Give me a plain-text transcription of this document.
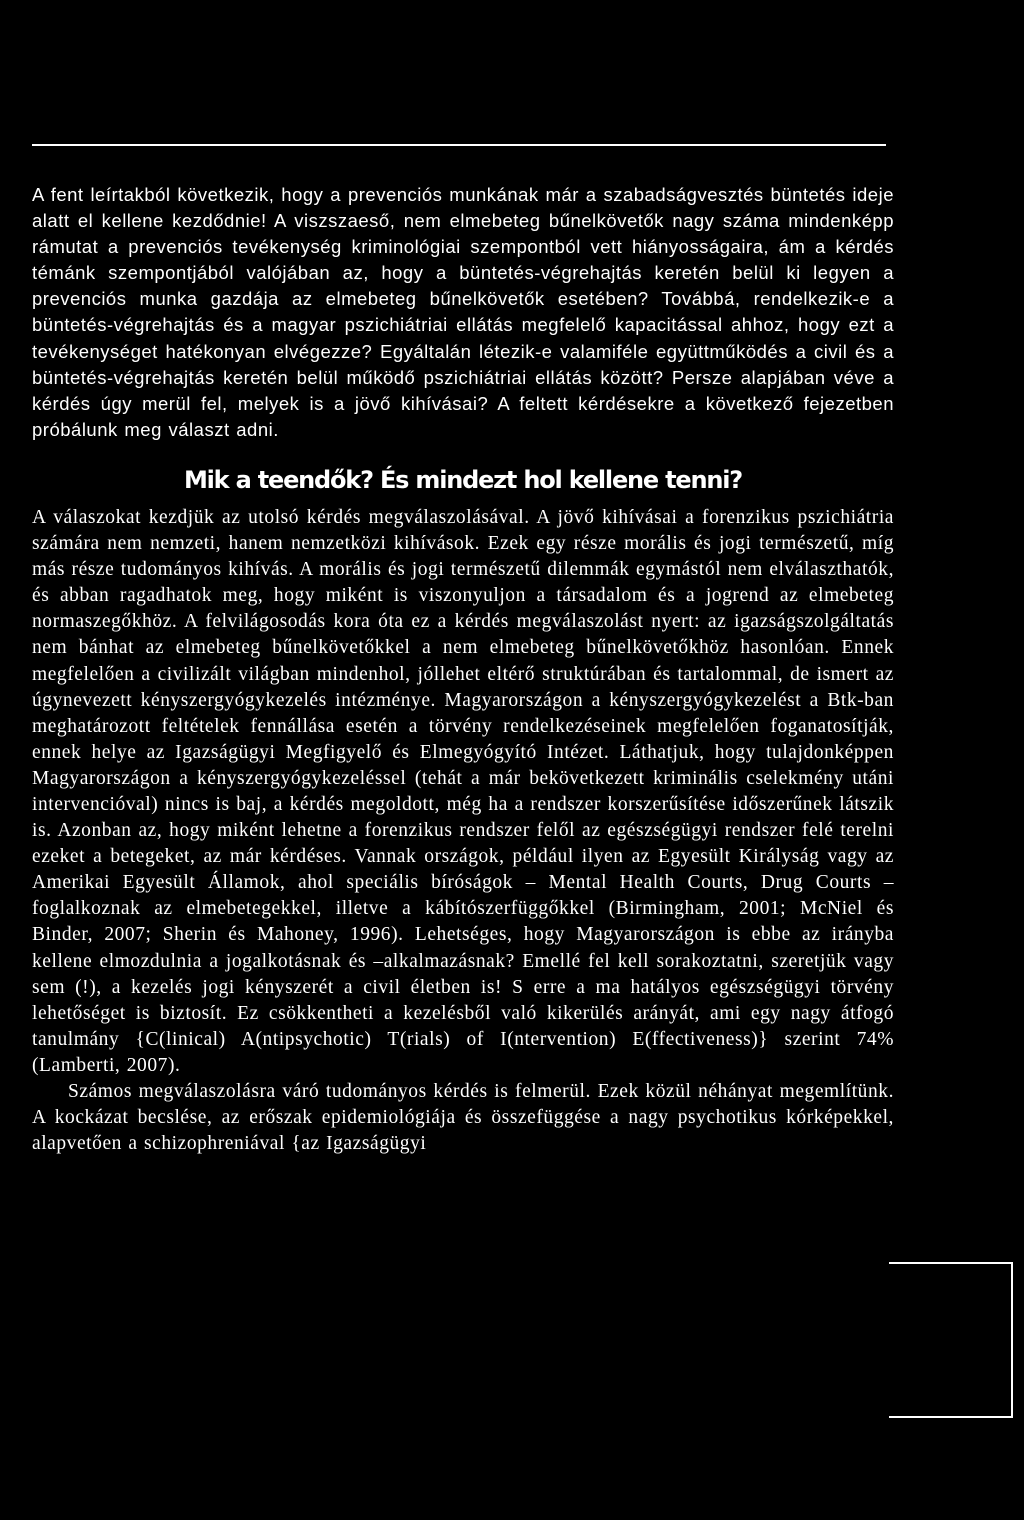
A fent leírtakból következik, hogy a prevenciós munkának már a szabadságvesztés büntetés ideje alatt el kellene kezdődnie! A viszszaeső, nem elmebeteg bűnelkövetők nagy száma mindenképp rámutat a prevenciós tevékenység kriminológiai szempontból vett hiányosságaira, ám a kérdés témánk szempontjából valójában az, hogy a büntetés-végrehajtás keretén belül ki legyen a prevenciós munka gazdája az elmebeteg bűnelkövetők esetében? Továbbá, rendelkezik-e a büntetés-végrehajtás és a magyar pszichiátriai ellátás megfelelő kapacitással ahhoz, hogy ezt a tevékenységet hatékonyan elvégezze? Egyáltalán létezik-e valamiféle együttműködés a civil és a büntetés-végrehajtás keretén belül működő pszichiátriai ellátás között? Persze alapjában véve a kérdés úgy merül fel, melyek is a jövő kihívásai? A feltett kérdésekre a következő fejezetben próbálunk meg választ adni.

Mik a teendők? És mindezt hol kellene tenni?

A válaszokat kezdjük az utolsó kérdés megválaszolásával. A jövő kihívásai a forenzikus pszichiátria számára nem nemzeti, hanem nemzetközi kihívások. Ezek egy része morális és jogi természetű, míg más része tudományos kihívás. A morális és jogi természetű dilemmák egymástól nem elválaszthatók, és abban ragadhatok meg, hogy miként is viszonyuljon a társadalom és a jogrend az elmebeteg normaszegőkhöz. A felvilágosodás kora óta ez a kérdés megválaszolást nyert: az igazságszolgáltatás nem bánhat az elmebeteg bűnelkövetőkkel a nem elmebeteg bűnelkövetőkhöz hasonlóan. Ennek megfelelően a civilizált világban mindenhol, jóllehet eltérő struktúrában és tartalommal, de ismert az úgynevezett kényszergyógykezelés intézménye. Magyarországon a kényszergyógykezelést a Btk-ban meghatározott feltételek fennállása esetén a törvény rendelkezéseinek megfelelően foganatosítják, ennek helye az Igazságügyi Megfigyelő és Elmegyógyító Intézet. Láthatjuk, hogy tulajdonképpen Magyarországon a kényszergyógykezeléssel (tehát a már bekövetkezett kriminális cselekmény utáni intervencióval) nincs is baj, a kérdés megoldott, még ha a rendszer korszerűsítése időszerűnek látszik is. Azonban az, hogy miként lehetne a forenzikus rendszer felől az egészségügyi rendszer felé terelni ezeket a betegeket, az már kérdéses. Vannak országok, például ilyen az Egyesült Királyság vagy az Amerikai Egyesült Államok, ahol speciális bíróságok – Mental Health Courts, Drug Courts – foglalkoznak az elmebetegekkel, illetve a kábítószerfüggőkkel (Birmingham, 2001; McNiel és Binder, 2007; Sherin és Mahoney, 1996). Lehetséges, hogy Magyarországon is ebbe az irányba kellene elmozdulnia a jogalkotásnak és –alkalmazásnak? Emellé fel kell sorakoztatni, szeretjük vagy sem (!), a kezelés jogi kényszerét a civil életben is! S erre a ma hatályos egészségügyi törvény lehetőséget is biztosít. Ez csökkentheti a kezelésből való kikerülés arányát, ami egy nagy átfogó tanulmány {C(linical) A(ntipsychotic) T(rials) of I(ntervention) E(ffectiveness)} szerint 74% (Lamberti, 2007).

Számos megválaszolásra váró tudományos kérdés is felmerül. Ezek közül néhányat megemlítünk. A kockázat becslése, az erőszak epidemiológiája és összefüggése a nagy psychotikus kórképekkel, alapvetően a schizophreniával {az Igazságügyi
